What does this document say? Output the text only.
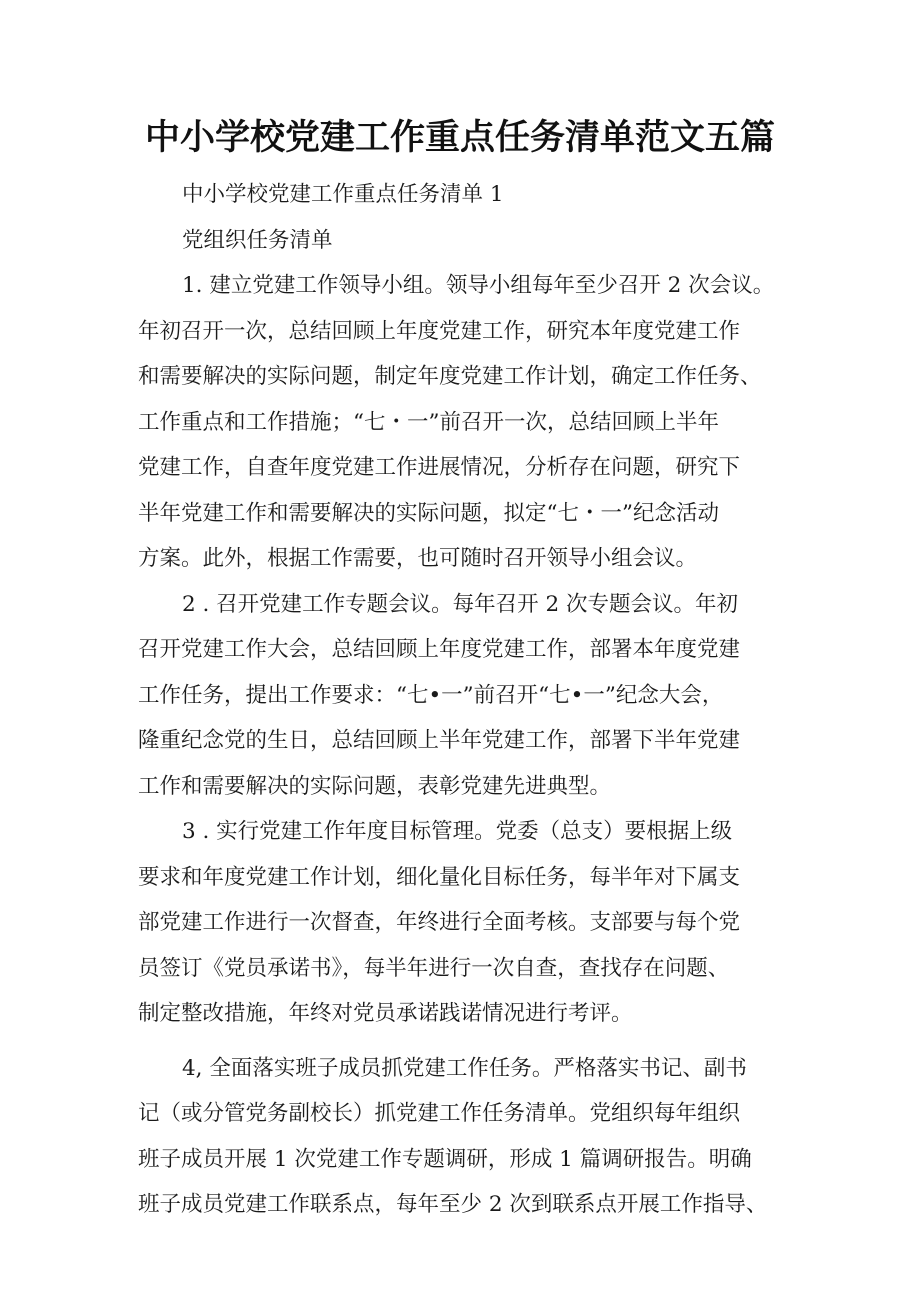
中小学校党建工作重点任务清单范文五篇
中小学校党建工作重点任务清单 1
党组织任务清单
1. 建立党建工作领导小组。领导小组每年至少召开 2 次会议。
年初召开一次，总结回顾上年度党建工作，研究本年度党建工作
和需要解决的实际问题，制定年度党建工作计划，确定工作任务、
工作重点和工作措施；“七・一”前召开一次，总结回顾上半年
党建工作，自查年度党建工作进展情况，分析存在问题，研究下
半年党建工作和需要解决的实际问题，拟定“七・一”纪念活动
方案。此外，根据工作需要，也可随时召开领导小组会议。
2 . 召开党建工作专题会议。每年召开 2 次专题会议。年初
召开党建工作大会，总结回顾上年度党建工作，部署本年度党建
工作任务，提出工作要求：“七•一”前召开“七•一”纪念大会，
隆重纪念党的生日，总结回顾上半年党建工作，部署下半年党建
工作和需要解决的实际问题，表彰党建先进典型。
3 . 实行党建工作年度目标管理。党委（总支）要根据上级
要求和年度党建工作计划，细化量化目标任务，每半年对下属支
部党建工作进行一次督查，年终进行全面考核。支部要与每个党
员签订《党员承诺书》，每半年进行一次自查，查找存在问题、
制定整改措施，年终对党员承诺践诺情况进行考评。
4, 全面落实班子成员抓党建工作任务。严格落实书记、副书
记（或分管党务副校长）抓党建工作任务清单。党组织每年组织
班子成员开展 1 次党建工作专题调研，形成 1 篇调研报告。明确
班子成员党建工作联系点，每年至少 2 次到联系点开展工作指导、
